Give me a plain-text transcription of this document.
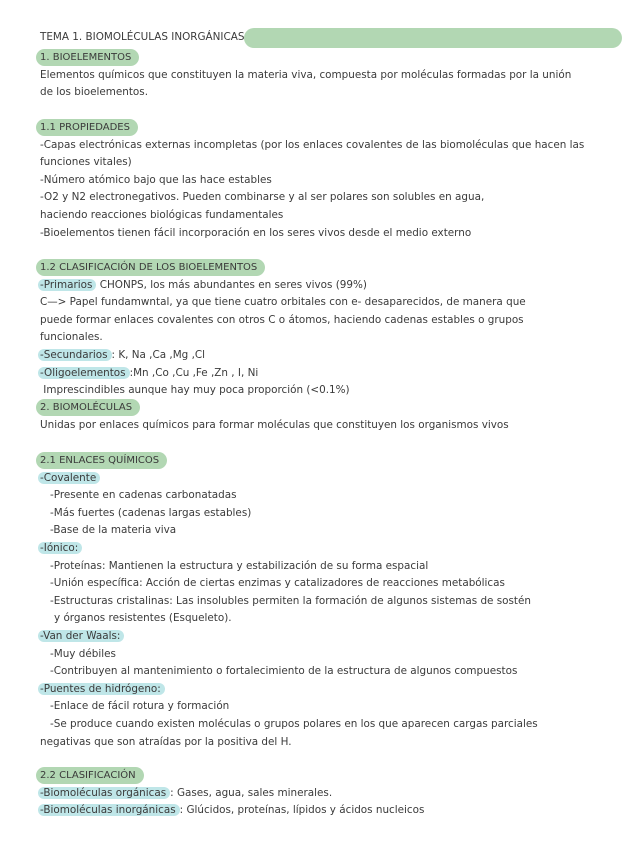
TEMA 1. BIOMOLÉCULAS INORGÁNICAS
1. BIOELEMENTOS

Elementos químicos que constituyen la materia viva, compuesta por moléculas formadas por la unión de los bioelementos.

1.1 PROPIEDADES

-Capas electrónicas externas incompletas (por los enlaces covalentes de las biomoléculas que hacen las funciones vitales)

-Número atómico bajo que las hace estables

-O2 y N2 electronegativos. Pueden combinarse y al ser polares son solubles en agua, haciendo reacciones biológicas fundamentales

-Bioelementos tienen fácil incorporación en los seres vivos desde el medio externo

1.2 CLASIFICACIÓN DE LOS BIOELEMENTOS

-Primarios CHONPS, los más abundantes en seres vivos (99%)

C—> Papel fundamwntal, ya que tiene cuatro orbitales con e- desaparecidos, de manera que puede formar enlaces covalentes con otros C o átomos, haciendo cadenas estables o grupos funcionales.

-Secundarios : K, Na ,Ca ,Mg ,Cl

-Oligoelementos :Mn ,Co ,Cu ,Fe ,Zn , I, Ni

Imprescindibles aunque hay muy poca proporción (<0.1%)

2. BIOMOLÉCULAS

Unidas por enlaces químicos para formar moléculas que constituyen los organismos vivos

2.1 ENLACES QUÍMICOS

-Covalente

-Presente en cadenas carbonatadas

-Más fuertes (cadenas largas estables)

-Base de la materia viva

-Iónico:

-Proteínas: Mantienen la estructura y estabilización de su forma espacial

-Unión específica: Acción de ciertas enzimas y catalizadores de reacciones metabólicas

-Estructuras cristalinas: Las insolubles permiten la formación de algunos sistemas de sostén

y órganos resistentes (Esqueleto).

-Van der Waals:

-Muy débiles

-Contribuyen al mantenimiento o fortalecimiento de la estructura de algunos compuestos

-Puentes de hidrógeno:

-Enlace de fácil rotura y formación

-Se produce cuando existen moléculas o grupos polares en los que aparecen cargas parciales

negativas que son atraídas por la positiva del H.

2.2 CLASIFICACIÓN

-Biomoléculas orgánicas : Gases, agua, sales minerales.

-Biomoléculas inorgánicas : Glúcidos, proteínas, lípidos y ácidos nucleicos
